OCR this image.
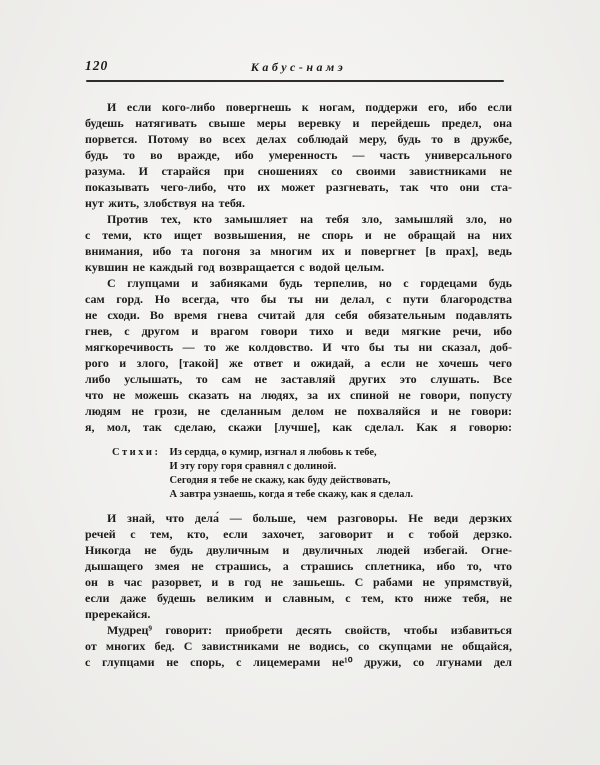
120	Кабус-намэ
И если кого-либо повергнешь к ногам, поддержи его, ибо если
будешь натягивать свыше меры веревку и перейдешь предел, она
порвется. Потому во всех делах соблюдай меру, будь то в дружбе,
будь то во вражде, ибо умеренность — часть универсального
разума. И старайся при сношениях со своими завистниками не
показывать чего-либо, что их может разгневать, так что они ста-
нут жить, злобствуя на тебя.
Против тех, кто замышляет на тебя зло, замышляй зло, но
с теми, кто ищет возвышения, не спорь и не обращай на них
внимания, ибо та погоня за многим их и повергнет [в прах], ведь
кувшин не каждый год возвращается с водой целым.
С глупцами и забияками будь терпелив, но с гордецами будь
сам горд. Но всегда, что бы ты ни делал, с пути благородства
не сходи. Во время гнева считай для себя обязательным подавлять
гнев, с другом и врагом говори тихо и веди мягкие речи, ибо
мягкоречивость — то же колдовство. И что бы ты ни сказал, доб-
рого и злого, [такой] же ответ и ожидай, а если не хочешь чего
либо услышать, то сам не заставляй других это слушать. Все
что не можешь сказать на людях, за их спиной не говори, попусту
людям не грози, не сделанным делом не похваляйся и не говори:
я, мол, так сделаю, скажи [лучше], как сделал. Как я говорю:
Стихи: Из сердца, о кумир, изгнал я любовь к тебе,
И эту гору горя сравнял с долиной.
Сегодня я тебе не скажу, как буду действовать,
А завтра узнаешь, когда я тебе скажу, как я сделал.
И знай, что дела́ — больше, чем разговоры. Не веди дерзких
речей с тем, кто, если захочет, заговорит и с тобой дерзко.
Никогда не будь двуличным и двуличных людей избегай. Огне-
дышащего змея не страшись, а страшись сплетника, ибо то, что
он в час разорвет, и в год не зашьешь. С рабами не упрямствуй,
если даже будешь великим и славным, с тем, кто ниже тебя, не
пререкайся.
Мудрец⁹ говорит: приобрети десять свойств, чтобы избавиться
от многих бед. С завистниками не водись, со скупцами не общайся,
с глупцами не спорь, с лицемерами не¹⁰ дружи, со лгунами дел
